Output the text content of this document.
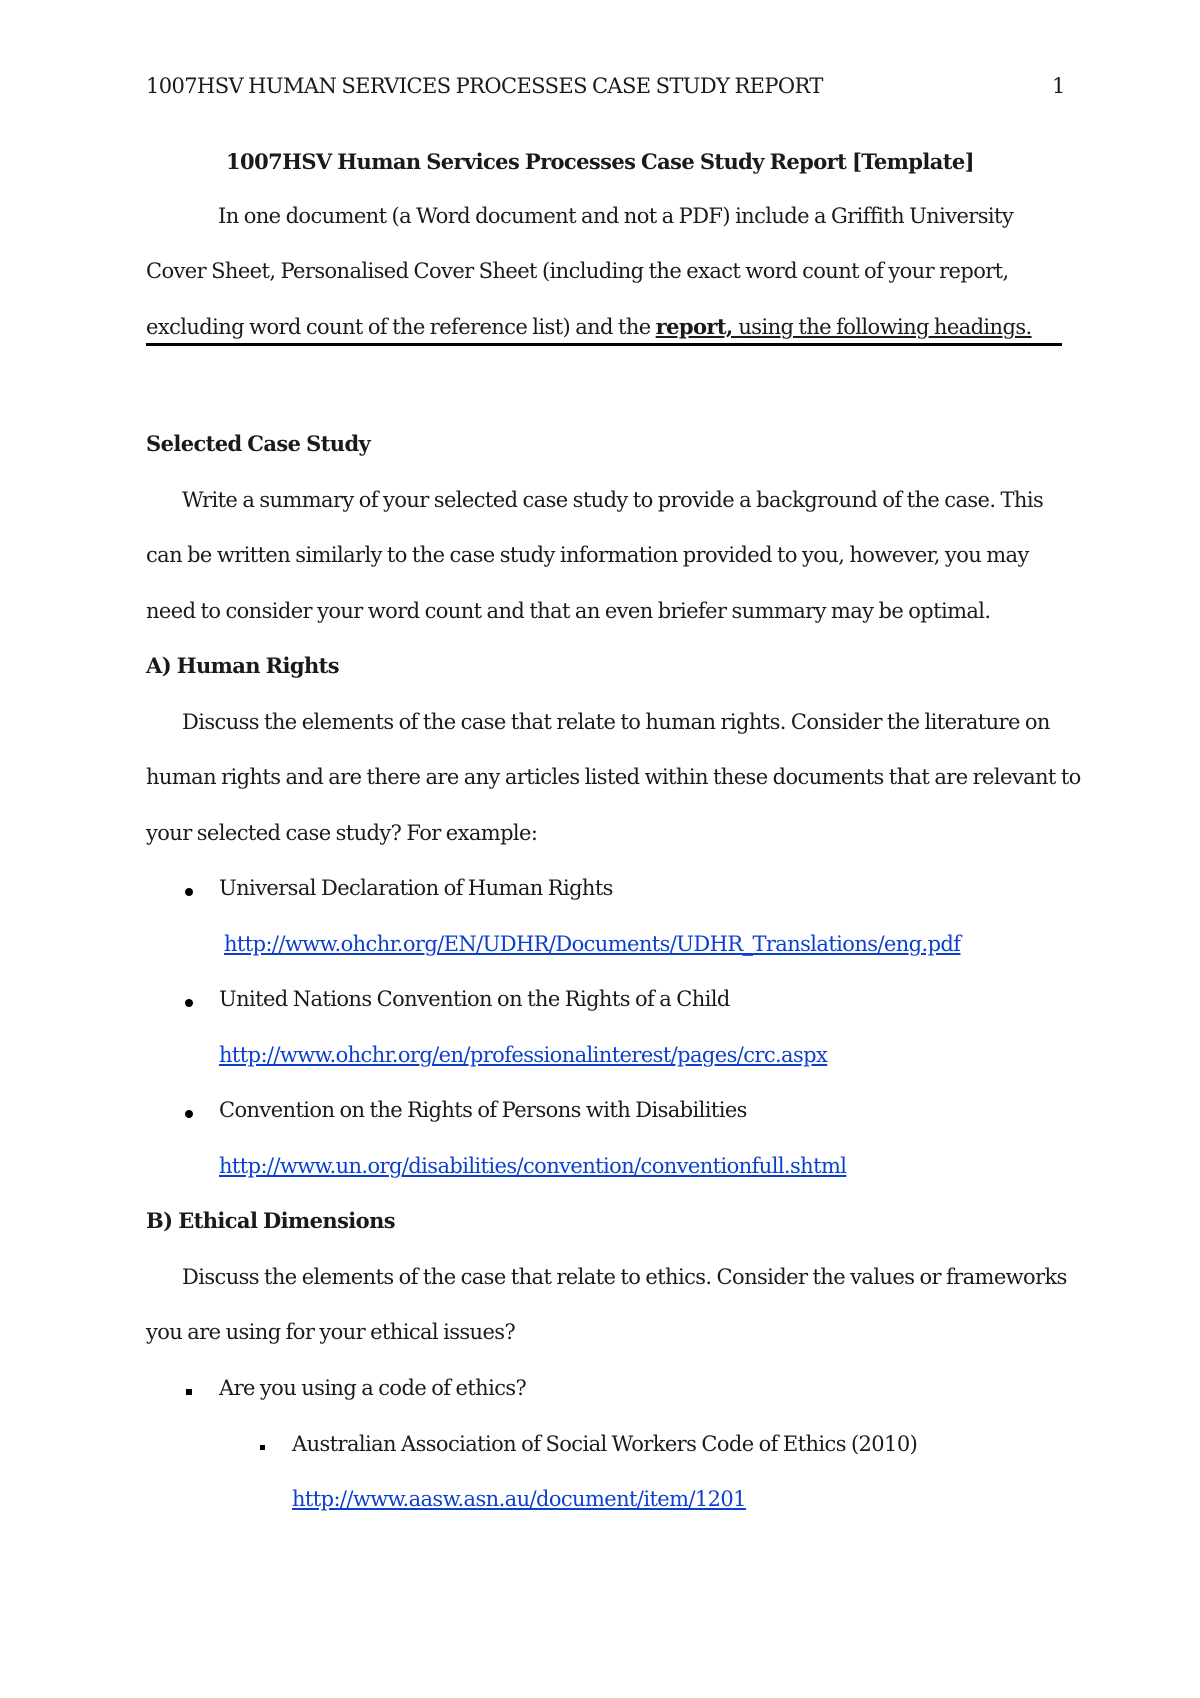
1007HSV HUMAN SERVICES PROCESSES CASE STUDY REPORT	1
1007HSV Human Services Processes Case Study Report [Template]
In one document (a Word document and not a PDF) include a Griffith University
Cover Sheet, Personalised Cover Sheet (including the exact word count of your report,
excluding word count of the reference list) and the report, using the following headings.
Selected Case Study
Write a summary of your selected case study to provide a background of the case. This
can be written similarly to the case study information provided to you, however, you may
need to consider your word count and that an even briefer summary may be optimal.
A) Human Rights
Discuss the elements of the case that relate to human rights. Consider the literature on
human rights and are there are any articles listed within these documents that are relevant to
your selected case study? For example:
Universal Declaration of Human Rights
http://www.ohchr.org/EN/UDHR/Documents/UDHR_Translations/eng.pdf
United Nations Convention on the Rights of a Child
http://www.ohchr.org/en/professionalinterest/pages/crc.aspx
Convention on the Rights of Persons with Disabilities
http://www.un.org/disabilities/convention/conventionfull.shtml
B) Ethical Dimensions
Discuss the elements of the case that relate to ethics. Consider the values or frameworks
you are using for your ethical issues?
Are you using a code of ethics?
Australian Association of Social Workers Code of Ethics (2010)
http://www.aasw.asn.au/document/item/1201
